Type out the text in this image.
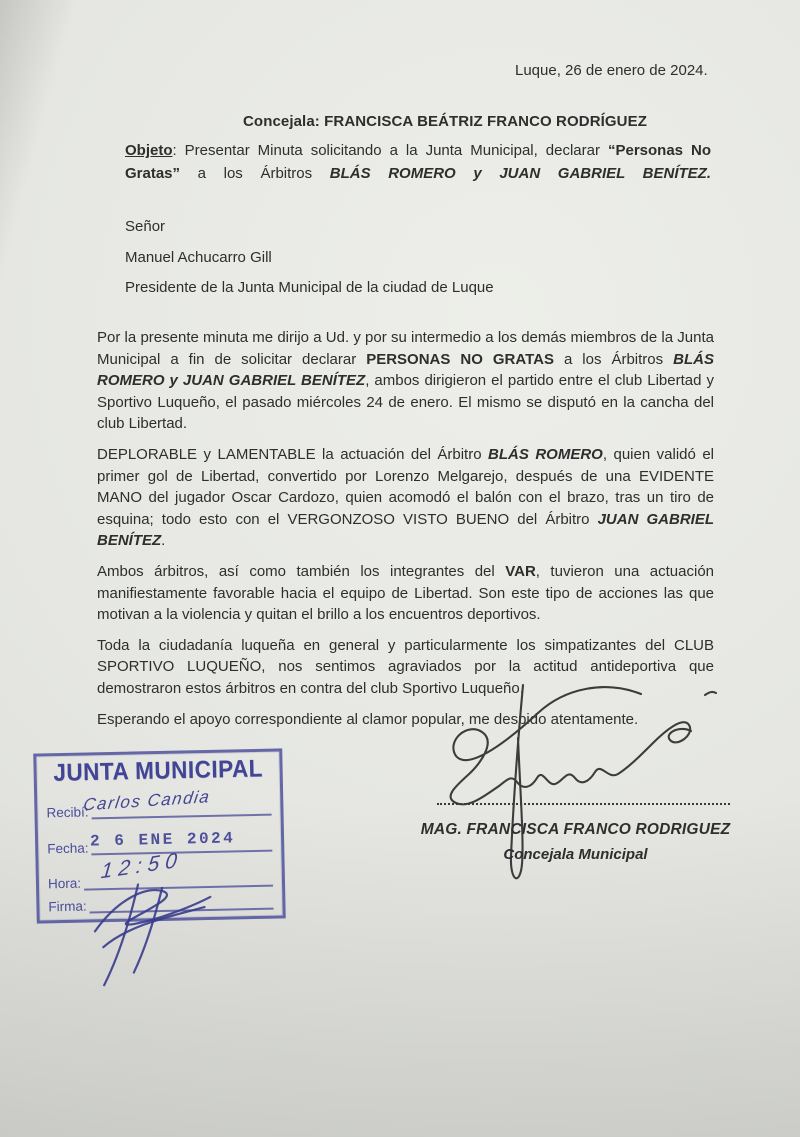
Luque, 26 de enero de 2024.
Concejala: FRANCISCA BEÁTRIZ FRANCO RODRÍGUEZ

Objeto: Presentar Minuta solicitando a la Junta Municipal, declarar “Personas No Gratas” a los Árbitros BLÁS ROMERO y JUAN GABRIEL BENÍTEZ.

Señor
Manuel Achucarro Gill
Presidente de la Junta Municipal de la ciudad de Luque

Por la presente minuta me dirijo a Ud. y por su intermedio a los demás miembros de la Junta Municipal a fin de solicitar declarar PERSONAS NO GRATAS a los Árbitros BLÁS ROMERO y JUAN GABRIEL BENÍTEZ, ambos dirigieron el partido entre el club Libertad y Sportivo Luqueño, el pasado miércoles 24 de enero. El mismo se disputó en la cancha del club Libertad.

DEPLORABLE y LAMENTABLE la actuación del Árbitro BLÁS ROMERO, quien validó el primer gol de Libertad, convertido por Lorenzo Melgarejo, después de una EVIDENTE MANO del jugador Oscar Cardozo, quien acomodó el balón con el brazo, tras un tiro de esquina; todo esto con el VERGONZOSO VISTO BUENO del Árbitro JUAN GABRIEL BENÍTEZ.

Ambos árbitros, así como también los integrantes del VAR, tuvieron una actuación manifiestamente favorable hacia el equipo de Libertad. Son este tipo de acciones las que motivan a la violencia y quitan el brillo a los encuentros deportivos.

Toda la ciudadanía luqueña en general y particularmente los simpatizantes del CLUB SPORTIVO LUQUEÑO, nos sentimos agraviados por la actitud antideportiva que demostraron estos árbitros en contra del club Sportivo Luqueño.

Esperando el apoyo correspondiente al clamor popular, me despido atentamente.

MAG. FRANCISCA FRANCO RODRIGUEZ
Concejala Municipal
JUNTA MUNICIPAL
Recibí:
Fecha:
Hora:
Firma:
Carlos Candia
2 6 ENE 2024
12:50
